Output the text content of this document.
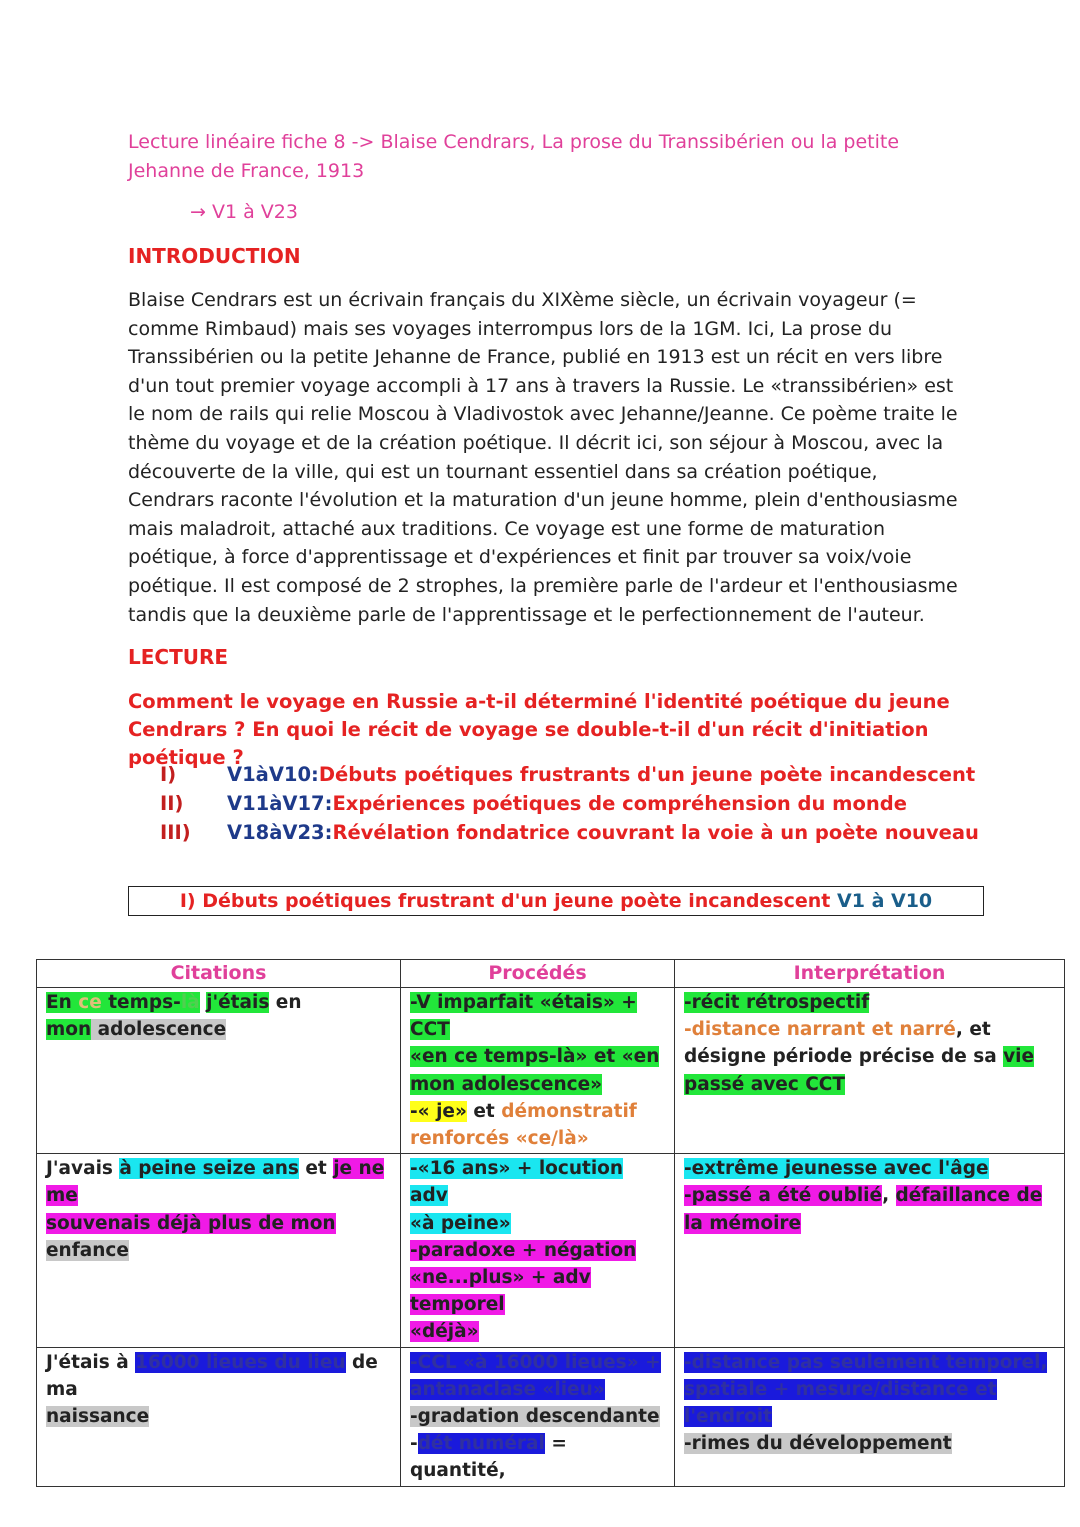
Lecture linéaire fiche 8 -> Blaise Cendrars, La prose du Transsibérien ou la petite Jehanne de France, 1913
→ V1 à V23
INTRODUCTION
Blaise Cendrars est un écrivain français du XIXème siècle, un écrivain voyageur (= comme Rimbaud) mais ses voyages interrompus lors de la 1GM. Ici, La prose du Transsibérien ou la petite Jehanne de France, publié en 1913 est un récit en vers libre d'un tout premier voyage accompli à 17 ans à travers la Russie. Le «transsibérien» est le nom de rails qui relie Moscou à Vladivostok avec Jehanne/Jeanne. Ce poème traite le thème du voyage et de la création poétique. Il décrit ici, son séjour à Moscou, avec la découverte de la ville, qui est un tournant essentiel dans sa création poétique, Cendrars raconte l'évolution et la maturation d'un jeune homme, plein d'enthousiasme mais maladroit, attaché aux traditions. Ce voyage est une forme de maturation poétique, à force d'apprentissage et d'expériences et finit par trouver sa voix/voie poétique. Il est composé de 2 strophes, la première parle de l'ardeur et l'enthousiasme tandis que la deuxième parle de l'apprentissage et le perfectionnement de l'auteur.
LECTURE
Comment le voyage en Russie a-t-il déterminé l'identité poétique du jeune Cendrars ? En quoi le récit de voyage se double-t-il d'un récit d'initiation poétique ?
I)	V1àV10 : Débuts poétiques frustrants d'un jeune poète incandescent
II)	V11àV17 : Expériences poétiques de compréhension du monde
III)	V18àV23 : Révélation fondatrice couvrant la voie à un poète nouveau
I) Débuts poétiques frustrant d'un jeune poète incandescent V1 à V10
Citations	Procédés	Interprétation
En ce temps-là j'étais en
mon adolescence	-V imparfait «étais» + CCT
«en ce temps-là» et «en
mon adolescence»
-« je» et démonstratif
renforcés «ce/là»	-récit rétrospectif
-distance narrant et narré, et
désigne période précise de sa vie
passé avec CCT
J'avais à peine seize ans et je ne me
souvenais déjà plus de mon
enfance	-«16 ans» + locution adv
«à peine»
-paradoxe + négation
«ne...plus» + adv temporel
«déjà»	-extrême jeunesse avec l'âge
-passé a été oublié, défaillance de
la mémoire
J'étais à 16000 lieues du lieu de ma
naissance	-CCL «à 16000 lieues» +
antanaclase «lieu»
-gradation descendante
-dét numéral = quantité,	-distance pas seulement temporel,
spatiale + mesure/distance et
l'endroit
-rimes du développement
